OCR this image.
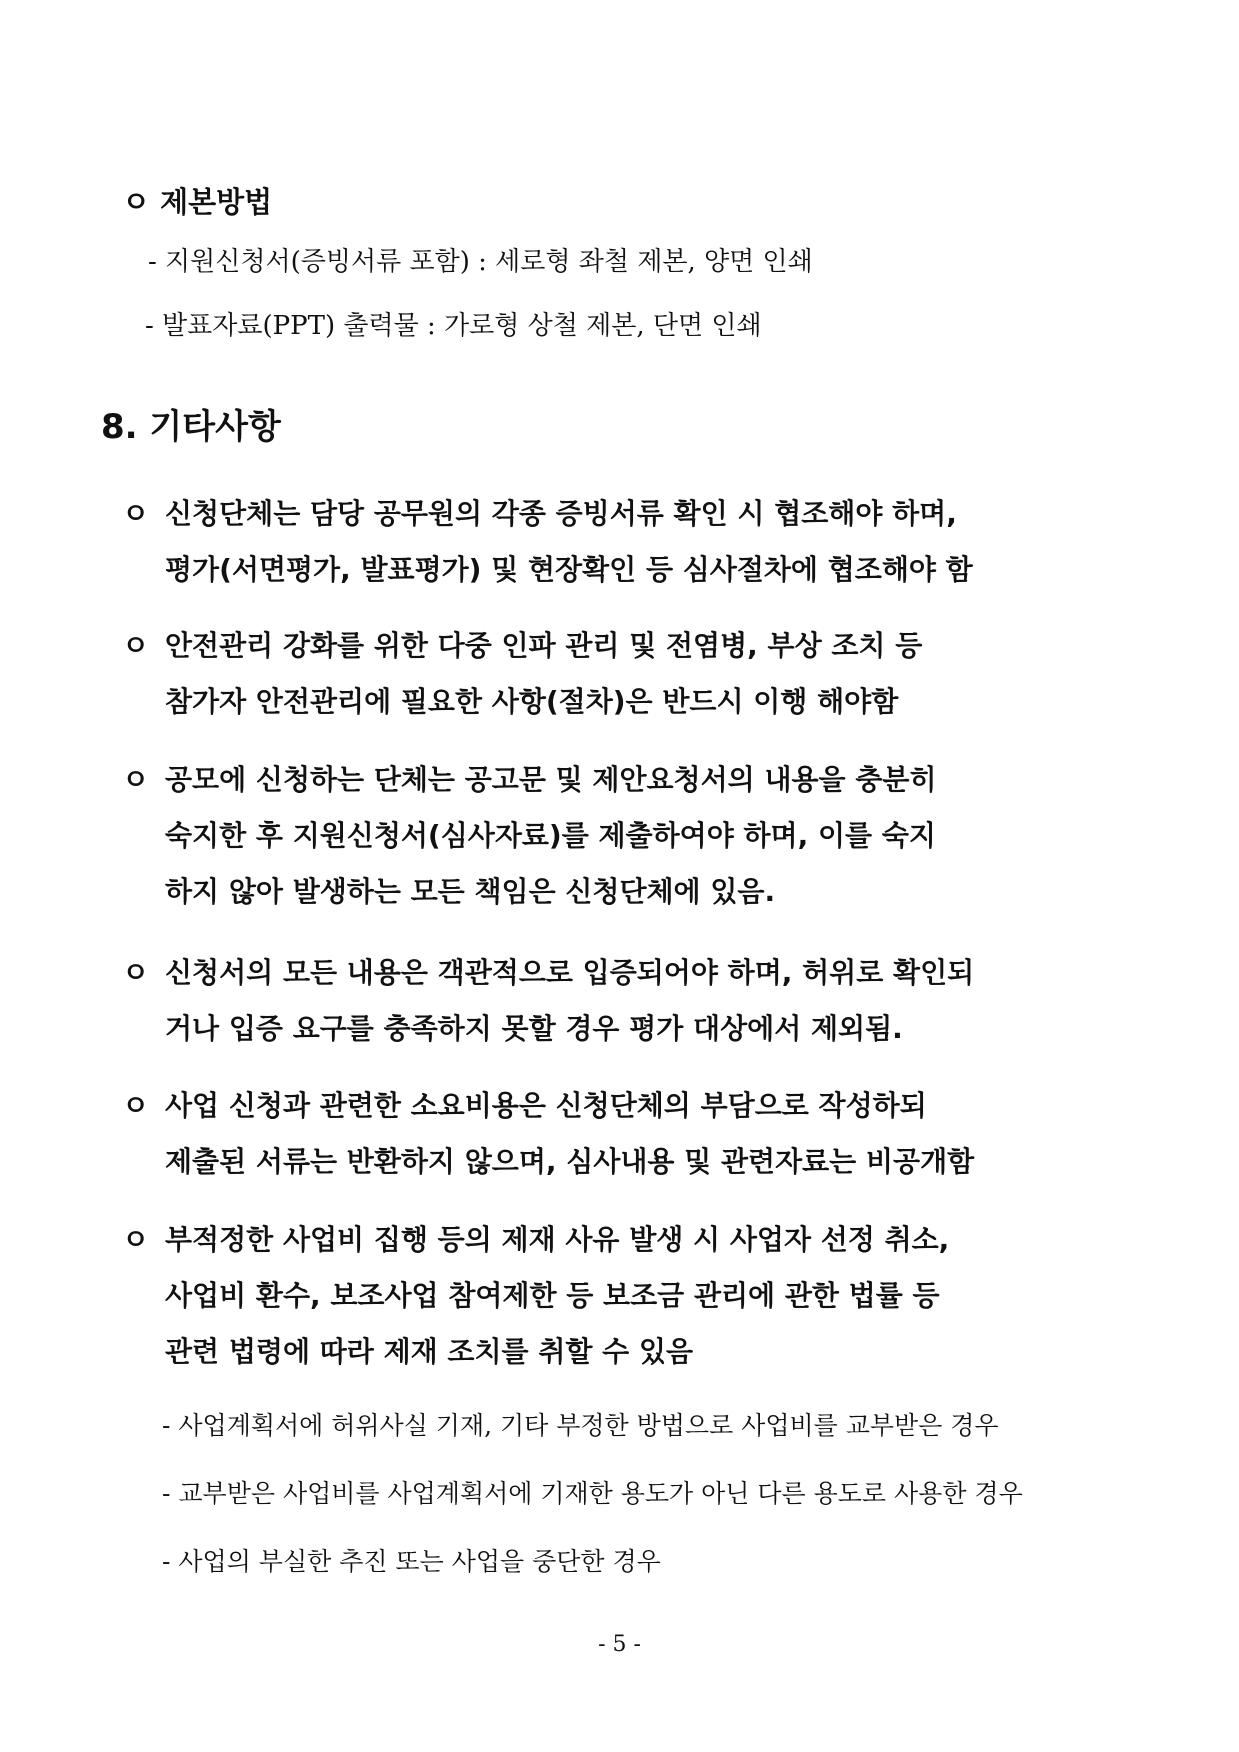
ㅇ 제본방법
- 지원신청서(증빙서류 포함) : 세로형 좌철 제본, 양면 인쇄
- 발표자료(PPT) 출력물 : 가로형 상철 제본, 단면 인쇄
8. 기타사항
ㅇ 신청단체는 담당 공무원의 각종 증빙서류 확인 시 협조해야 하며,
평가(서면평가, 발표평가) 및 현장확인 등 심사절차에 협조해야 함
ㅇ 안전관리 강화를 위한 다중 인파 관리 및 전염병, 부상 조치 등
참가자 안전관리에 필요한 사항(절차)은 반드시 이행 해야함
ㅇ 공모에 신청하는 단체는 공고문 및 제안요청서의 내용을 충분히
숙지한 후 지원신청서(심사자료)를 제출하여야 하며, 이를 숙지
하지 않아 발생하는 모든 책임은 신청단체에 있음.
ㅇ 신청서의 모든 내용은 객관적으로 입증되어야 하며, 허위로 확인되
거나 입증 요구를 충족하지 못할 경우 평가 대상에서 제외됨.
ㅇ 사업 신청과 관련한 소요비용은 신청단체의 부담으로 작성하되
제출된 서류는 반환하지 않으며, 심사내용 및 관련자료는 비공개함
ㅇ 부적정한 사업비 집행 등의 제재 사유 발생 시 사업자 선정 취소,
사업비 환수, 보조사업 참여제한 등 보조금 관리에 관한 법률 등
관련 법령에 따라 제재 조치를 취할 수 있음
- 사업계획서에 허위사실 기재, 기타 부정한 방법으로 사업비를 교부받은 경우
- 교부받은 사업비를 사업계획서에 기재한 용도가 아닌 다른 용도로 사용한 경우
- 사업의 부실한 추진 또는 사업을 중단한 경우
- 5 -
